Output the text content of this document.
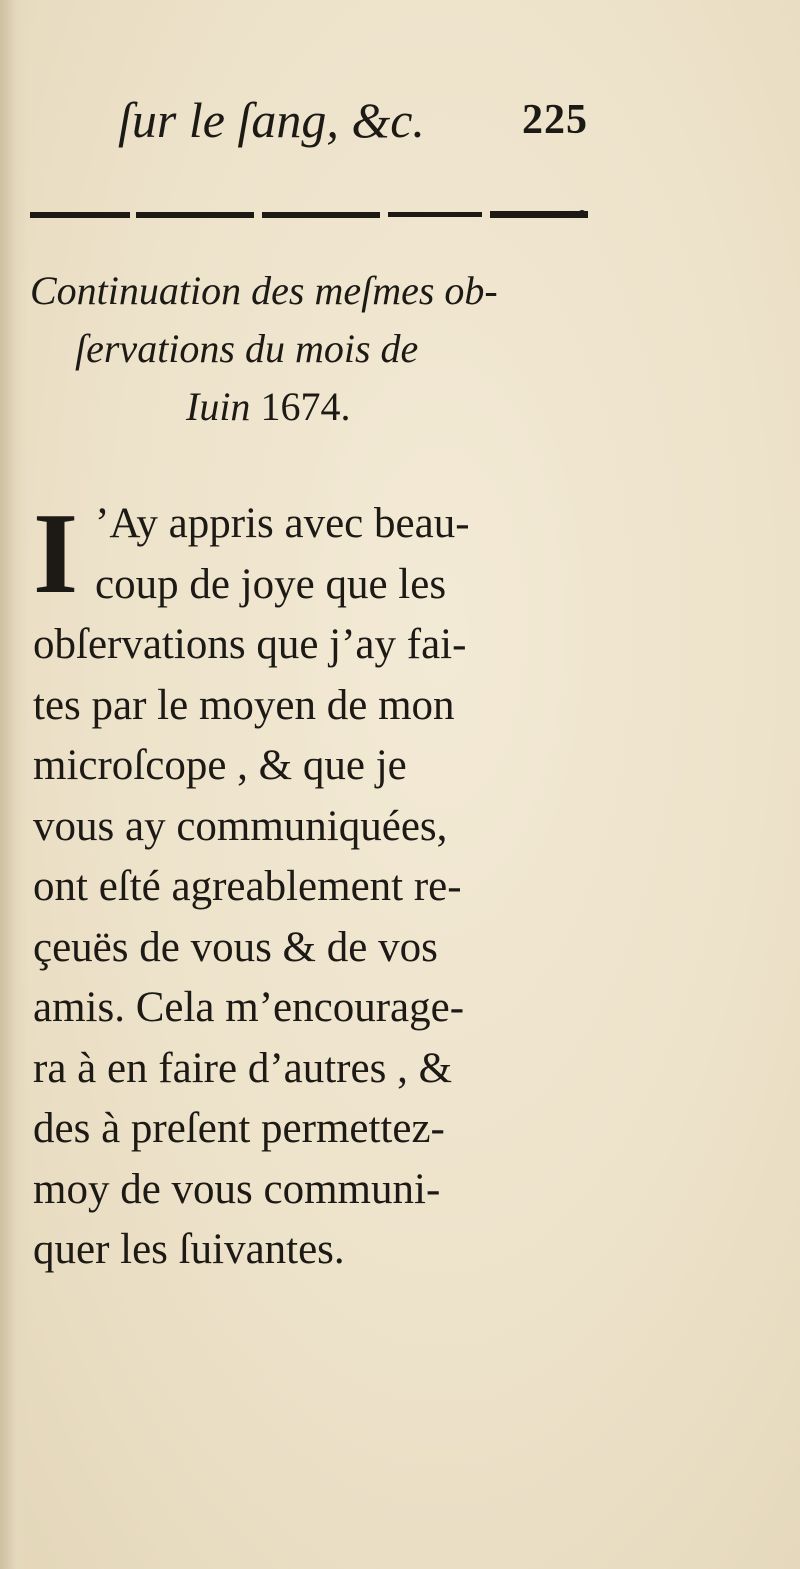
ſur le ſang, &c. 225
Continuation des meſmes ob-
ſervations du mois de
Iuin 1674.
I ’Ay appris avec beau-
coup de joye que les
obſervations que j’ay fai-
tes par le moyen de mon
microſcope , & que je
vous ay communiquées,
ont eſté agreablement re-
çeuës de vous & de vos
amis. Cela m’encourage-
ra à en faire d’autres , &
des à preſent permettez-
moy de vous communi-
quer les ſuivantes.
